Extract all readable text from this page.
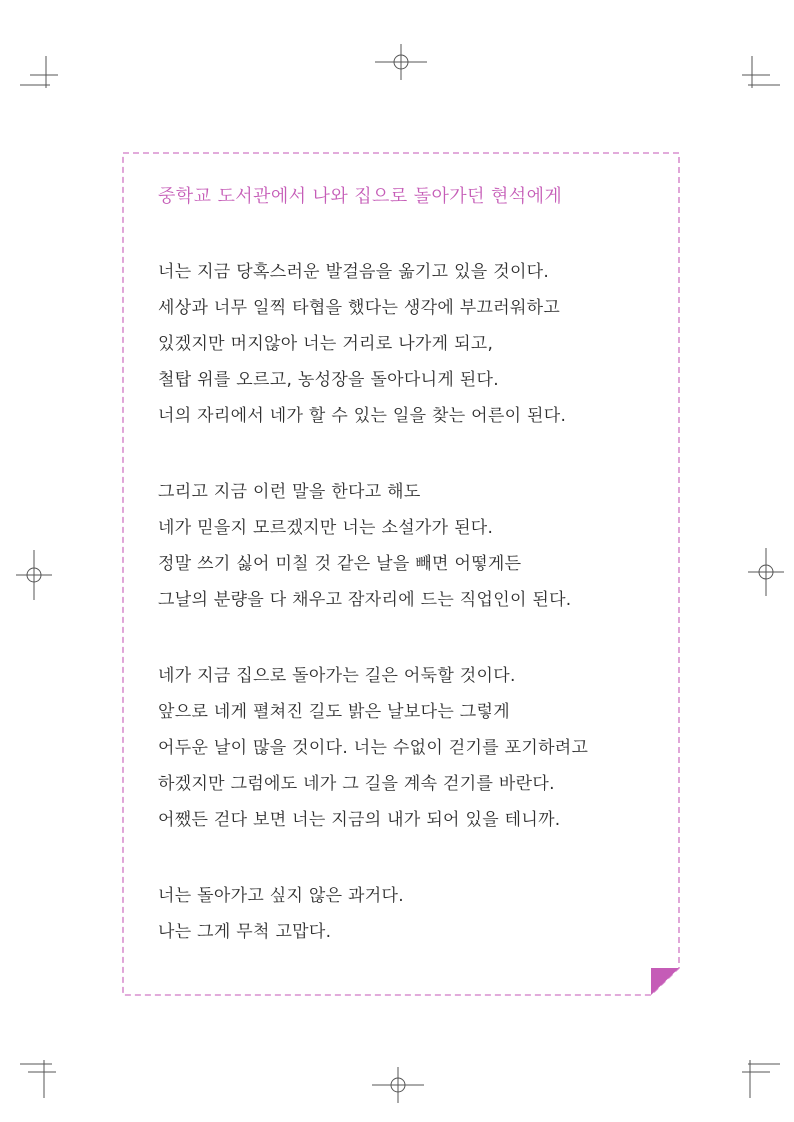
중학교 도서관에서 나와 집으로 돌아가던 현석에게
너는 지금 당혹스러운 발걸음을 옮기고 있을 것이다.
세상과 너무 일찍 타협을 했다는 생각에 부끄러워하고
있겠지만 머지않아 너는 거리로 나가게 되고,
철탑 위를 오르고, 농성장을 돌아다니게 된다.
너의 자리에서 네가 할 수 있는 일을 찾는 어른이 된다.
그리고 지금 이런 말을 한다고 해도
네가 믿을지 모르겠지만 너는 소설가가 된다.
정말 쓰기 싫어 미칠 것 같은 날을 빼면 어떻게든
그날의 분량을 다 채우고 잠자리에 드는 직업인이 된다.
네가 지금 집으로 돌아가는 길은 어둑할 것이다.
앞으로 네게 펼쳐진 길도 밝은 날보다는 그렇게
어두운 날이 많을 것이다. 너는 수없이 걷기를 포기하려고
하겠지만 그럼에도 네가 그 길을 계속 걷기를 바란다.
어쨌든 걷다 보면 너는 지금의 내가 되어 있을 테니까.
너는 돌아가고 싶지 않은 과거다.
나는 그게 무척 고맙다.
